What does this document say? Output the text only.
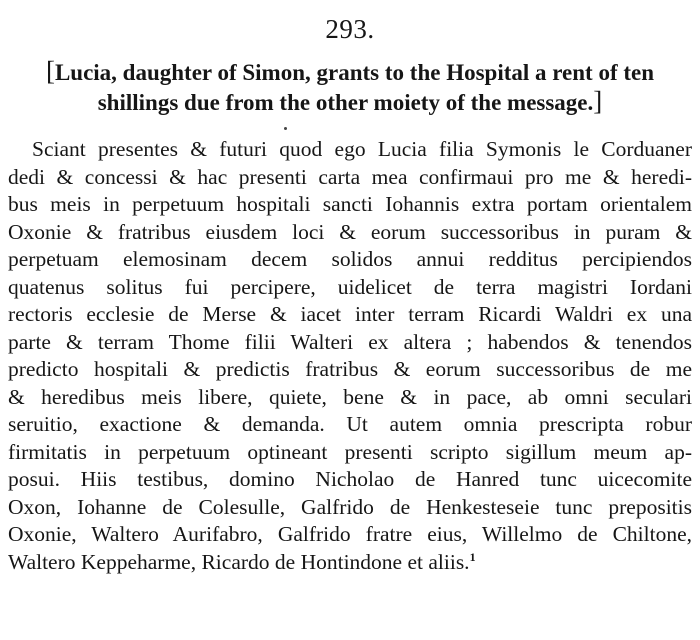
293.
[Lucia, daughter of Simon, grants to the Hospital a rent of ten
shillings due from the other moiety of the message.]
Sciant presentes & futuri quod ego Lucia filia Symonis le Corduaner
dedi & concessi & hac presenti carta mea confirmaui pro me & heredi-
bus meis in perpetuum hospitali sancti Iohannis extra portam orientalem
Oxonie & fratribus eiusdem loci & eorum successoribus in puram &
perpetuam elemosinam decem solidos annui redditus percipiendos
quatenus solitus fui percipere, uidelicet de terra magistri Iordani
rectoris ecclesie de Merse & iacet inter terram Ricardi Waldri ex una
parte & terram Thome filii Walteri ex altera ; habendos & tenendos
predicto hospitali & predictis fratribus & eorum successoribus de me
& heredibus meis libere, quiete, bene & in pace, ab omni seculari
seruitio, exactione & demanda. Ut autem omnia prescripta robur
firmitatis in perpetuum optineant presenti scripto sigillum meum ap-
posui. Hiis testibus, domino Nicholao de Hanred tunc uicecomite
Oxon, Iohanne de Colesulle, Galfrido de Henkesteseie tunc prepositis
Oxonie, Waltero Aurifabro, Galfrido fratre eius, Willelmo de Chiltone,
Waltero Keppeharme, Ricardo de Hontindone et aliis.$^1$
